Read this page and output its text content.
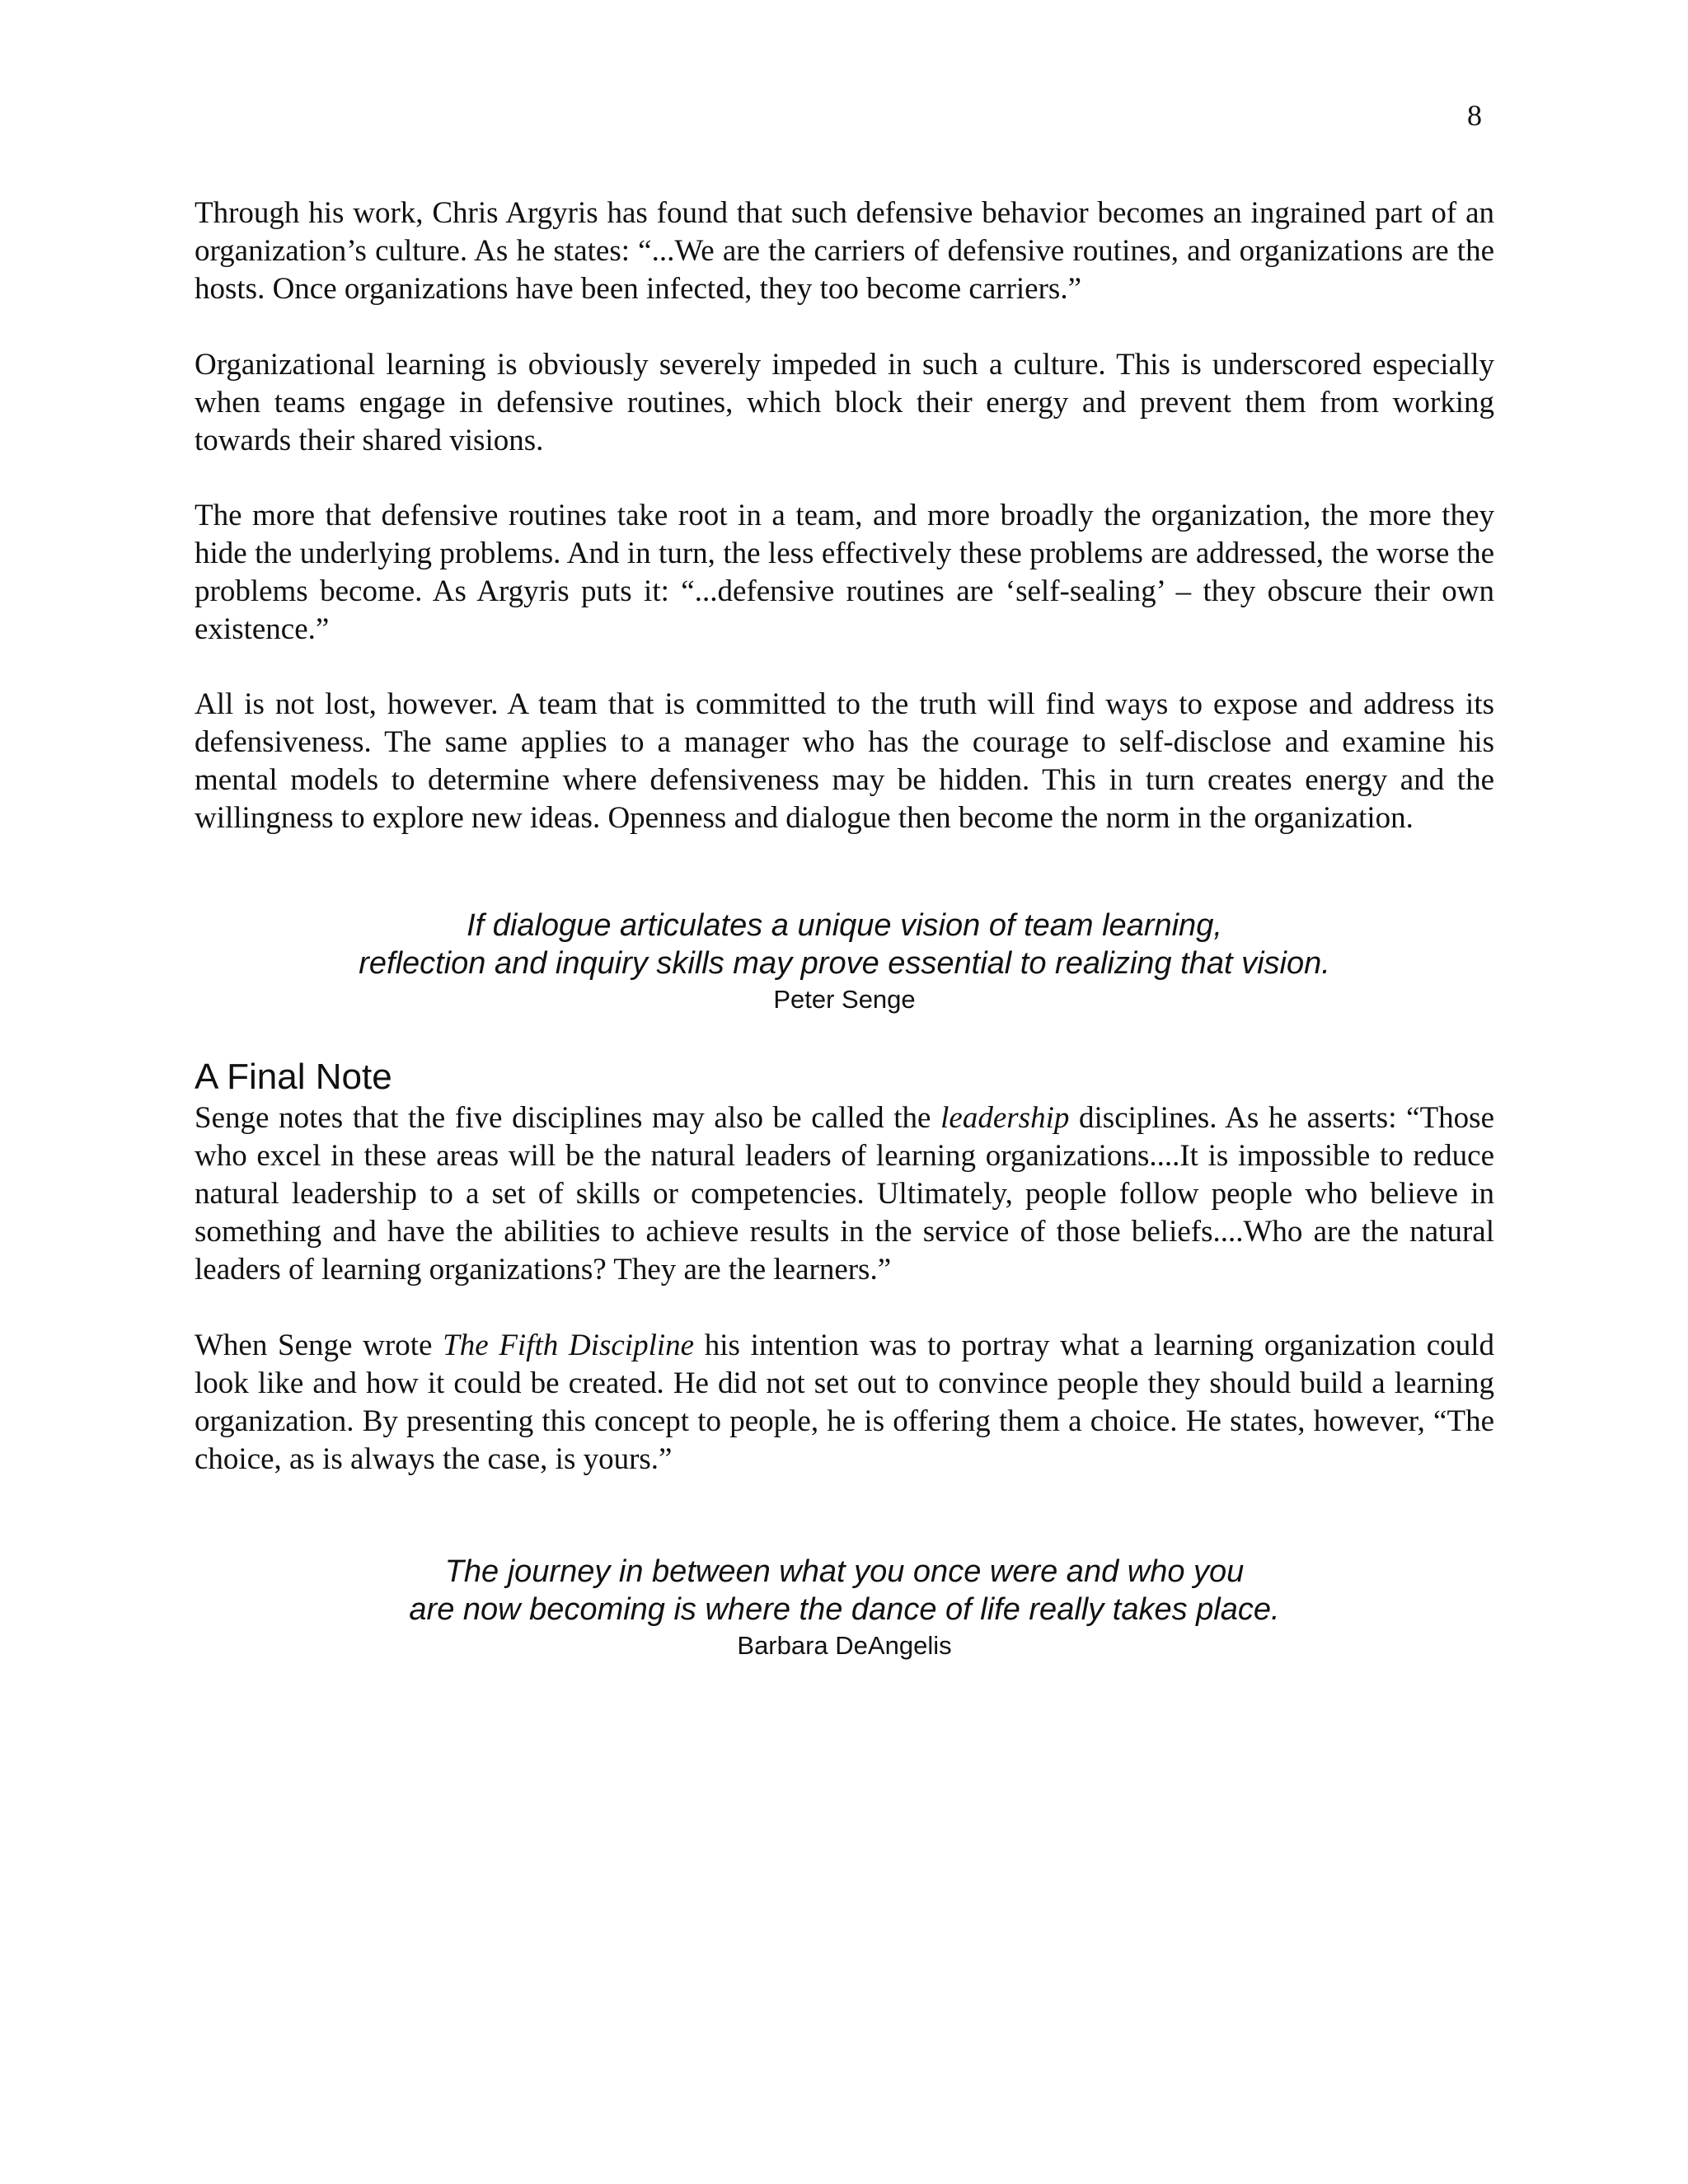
8

Through his work, Chris Argyris has found that such defensive behavior becomes an ingrained part of an organization’s culture. As he states: “...We are the carriers of defensive routines, and organizations are the hosts. Once organizations have been infected, they too become carriers.”

Organizational learning is obviously severely impeded in such a culture. This is underscored especially when teams engage in defensive routines, which block their energy and prevent them from working towards their shared visions.

The more that defensive routines take root in a team, and more broadly the organization, the more they hide the underlying problems. And in turn, the less effectively these problems are addressed, the worse the problems become. As Argyris puts it: “...defensive routines are ‘self-sealing’ – they obscure their own existence.”

All is not lost, however. A team that is committed to the truth will find ways to expose and address its defensiveness. The same applies to a manager who has the courage to self-disclose and examine his mental models to determine where defensiveness may be hidden. This in turn creates energy and the willingness to explore new ideas. Openness and dialogue then become the norm in the organization.

If dialogue articulates a unique vision of team learning,
reflection and inquiry skills may prove essential to realizing that vision.
Peter Senge
A Final Note

Senge notes that the five disciplines may also be called the leadership disciplines. As he asserts: “Those who excel in these areas will be the natural leaders of learning organizations....It is impossible to reduce natural leadership to a set of skills or competencies. Ultimately, people follow people who believe in something and have the abilities to achieve results in the service of those beliefs....Who are the natural leaders of learning organizations? They are the learners.”

When Senge wrote The Fifth Discipline his intention was to portray what a learning organization could look like and how it could be created. He did not set out to convince people they should build a learning organization. By presenting this concept to people, he is offering them a choice. He states, however, “The choice, as is always the case, is yours.”

The journey in between what you once were and who you
are now becoming is where the dance of life really takes place.
Barbara DeAngelis
